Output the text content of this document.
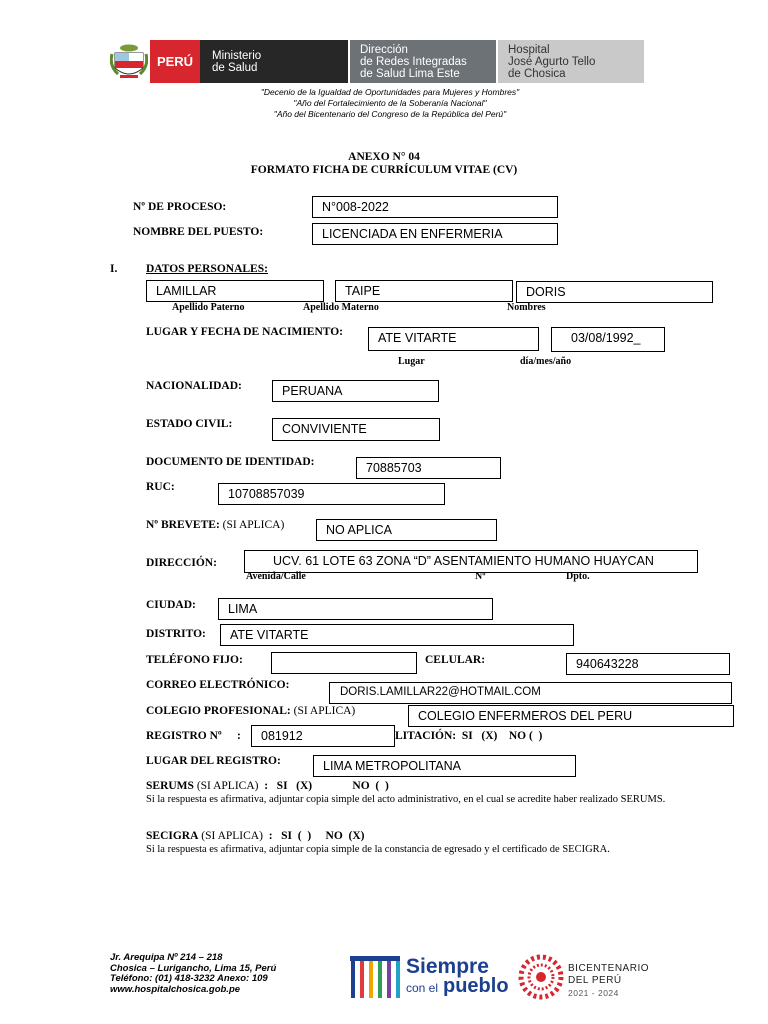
PERÚ Ministerio
de Salud
Dirección
de Redes Integradas
de Salud Lima Este
Hospital
José Agurto Tello
de Chosica
"Decenio de la Igualdad de Oportunidades para Mujeres y Hombres"
"Año del Fortalecimiento de la Soberanía Nacional"
"Año del Bicentenario del Congreso de la República del Perú"
ANEXO N° 04
FORMATO FICHA DE CURRÍCULUM VITAE (CV)
Nº DE PROCESO:	N°008-2022
NOMBRE DEL PUESTO:	LICENCIADA EN ENFERMERIA
I. DATOS PERSONALES:
LAMILLAR	TAIPE	DORIS
Apellido Paterno	Apellido Materno	Nombres
LUGAR Y FECHA DE NACIMIENTO:	ATE VITARTE	03/08/1992_
Lugar	día/mes/año
NACIONALIDAD:	PERUANA
ESTADO CIVIL:	CONVIVIENTE
DOCUMENTO DE IDENTIDAD:	70885703
RUC:	10708857039
Nº BREVETE: (SI APLICA)	NO APLICA
DIRECCIÓN:	UCV. 61 LOTE 63 ZONA “D” ASENTAMIENTO HUMANO HUAYCAN
Avenida/Calle	Nº	Dpto.
CIUDAD:	LIMA
DISTRITO:	ATE VITARTE
TELÉFONO FIJO:	CELULAR:	940643228
CORREO ELECTRÓNICO:
DORIS.LAMILLAR22@HOTMAIL.COM
COLEGIO PROFESIONAL: (SI APLICA)	COLEGIO ENFERMEROS DEL PERU
REGISTRO Nº :	081912	LITACIÓN:  SI   (X)    NO (  )
LUGAR DEL REGISTRO:	LIMA METROPOLITANA
SERUMS (SI APLICA) :   SI   (X)              NO  (  )
Si la respuesta es afirmativa, adjuntar copia simple del acto administrativo, en el cual se acredite haber realizado SERUMS.
SECIGRA (SI APLICA) :   SI  (  )     NO  (X)
Si la respuesta es afirmativa, adjuntar copia simple de la constancia de egresado y el certificado de SECIGRA.
Jr. Arequipa Nº 214 – 218
Chosica – Lurigancho, Lima 15, Perú
Teléfono: (01) 418-3232 Anexo: 109
www.hospitalchosica.gob.pe
Siempre
con el pueblo
BICENTENARIO
DEL PERÚ
2021 - 2024
